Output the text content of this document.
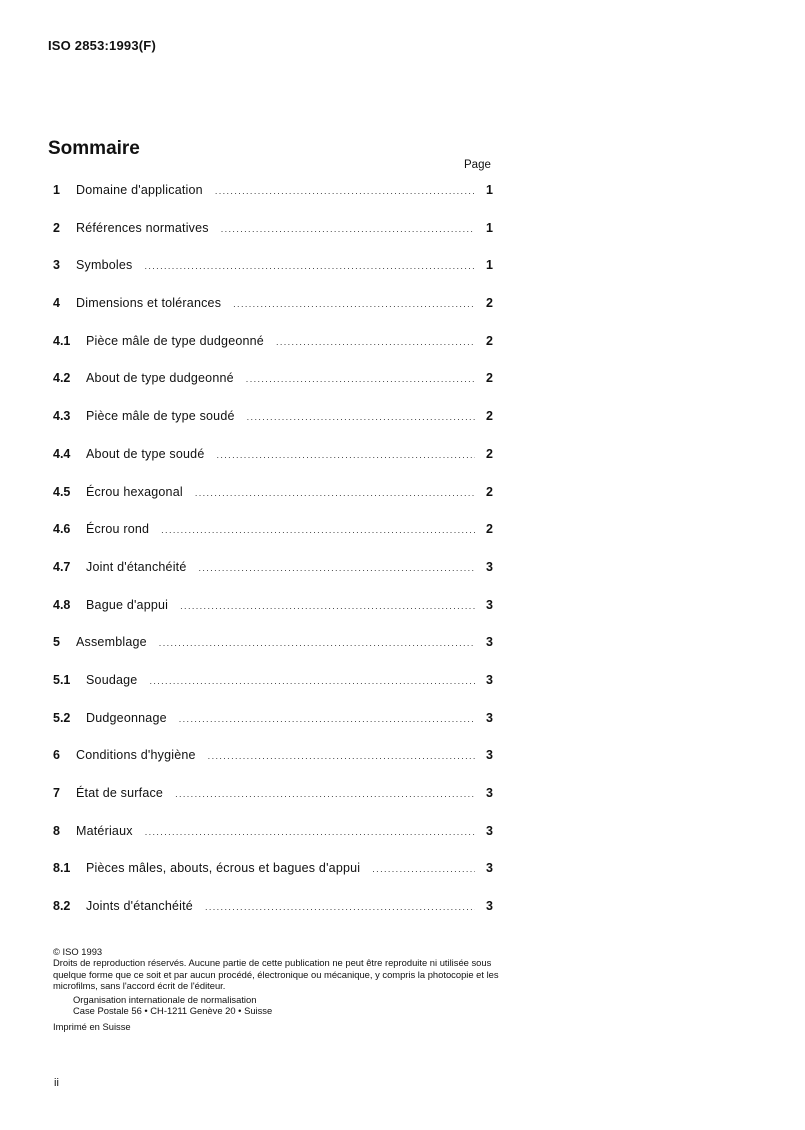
ISO 2853:1993(F)
Sommaire
Page
1	Domaine d'application .....	1
2	Références normatives .....	1
3	Symboles .....	1
4	Dimensions et tolérances .....	2
4.1	Pièce mâle de type dudgeonné .....	2
4.2	About de type dudgeonné .....	2
4.3	Pièce mâle de type soudé .....	2
4.4	About de type soudé .....	2
4.5	Écrou hexagonal .....	2
4.6	Écrou rond .....	2
4.7	Joint d'étanchéité .....	3
4.8	Bague d'appui .....	3
5	Assemblage .....	3
5.1	Soudage .....	3
5.2	Dudgeonnage .....	3
6	Conditions d'hygiène .....	3
7	État de surface .....	3
8	Matériaux .....	3
8.1	Pièces mâles, abouts, écrous et bagues d'appui .....	3
8.2	Joints d'étanchéité .....	3

© ISO 1993

Droits de reproduction réservés. Aucune partie de cette publication ne peut être reproduite ni utilisée sous quelque forme que ce soit et par aucun procédé, électronique ou mécanique, y compris la photocopie et les microfilms, sans l'accord écrit de l'éditeur.

Organisation internationale de normalisation

Case Postale 56 • CH-1211 Genève 20 • Suisse

Imprimé en Suisse

ii
